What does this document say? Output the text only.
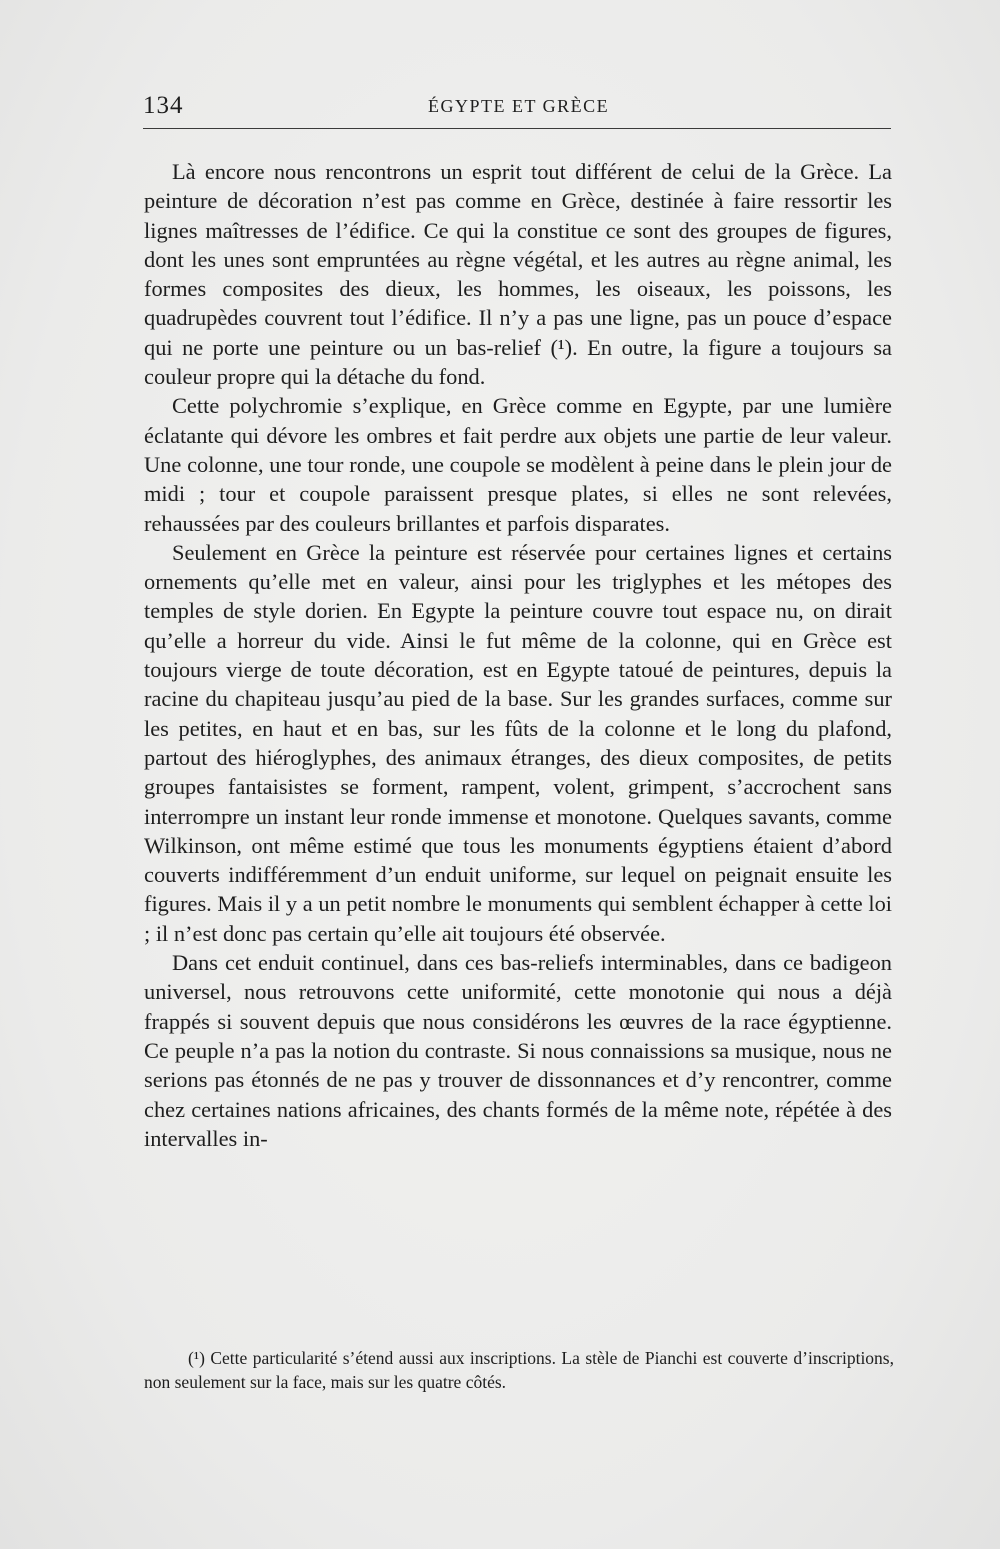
134	ÉGYPTE ET GRÈCE

Là encore nous rencontrons un esprit tout différent de celui de la Grèce. La peinture de décoration n’est pas comme en Grèce, destinée à faire ressortir les lignes maîtresses de l’édifice. Ce qui la constitue ce sont des groupes de figures, dont les unes sont empruntées au règne végétal, et les autres au règne animal, les formes composites des dieux, les hommes, les oiseaux, les poissons, les quadrupèdes couvrent tout l’édifice. Il n’y a pas une ligne, pas un pouce d’espace qui ne porte une peinture ou un bas-relief (¹). En outre, la figure a toujours sa couleur propre qui la détache du fond.

Cette polychromie s’explique, en Grèce comme en Egypte, par une lumière éclatante qui dévore les ombres et fait perdre aux objets une partie de leur valeur. Une colonne, une tour ronde, une coupole se modèlent à peine dans le plein jour de midi ; tour et coupole paraissent presque plates, si elles ne sont relevées, rehaussées par des couleurs brillantes et parfois disparates.

Seulement en Grèce la peinture est réservée pour certaines lignes et certains ornements qu’elle met en valeur, ainsi pour les triglyphes et les métopes des temples de style dorien. En Egypte la peinture couvre tout espace nu, on dirait qu’elle a horreur du vide. Ainsi le fut même de la colonne, qui en Grèce est toujours vierge de toute décoration, est en Egypte tatoué de peintures, depuis la racine du chapiteau jusqu’au pied de la base. Sur les grandes surfaces, comme sur les petites, en haut et en bas, sur les fûts de la colonne et le long du plafond, partout des hiéroglyphes, des animaux étranges, des dieux composites, de petits groupes fantaisistes se forment, rampent, volent, grimpent, s’accrochent sans interrompre un instant leur ronde immense et monotone. Quelques savants, comme Wilkinson, ont même estimé que tous les monuments égyptiens étaient d’abord couverts indifféremment d’un enduit uniforme, sur lequel on peignait ensuite les figures. Mais il y a un petit nombre le monuments qui semblent échapper à cette loi ; il n’est donc pas certain qu’elle ait toujours été observée.

Dans cet enduit continuel, dans ces bas-reliefs interminables, dans ce badigeon universel, nous retrouvons cette uniformité, cette monotonie qui nous a déjà frappés si souvent depuis que nous considérons les œuvres de la race égyptienne. Ce peuple n’a pas la notion du contraste. Si nous connaissions sa musique, nous ne serions pas étonnés de ne pas y trouver de dissonnances et d’y rencontrer, comme chez certaines nations africaines, des chants formés de la même note, répétée à des intervalles in-

(¹) Cette particularité s’étend aussi aux inscriptions. La stèle de Pianchi est couverte d’inscriptions, non seulement sur la face, mais sur les quatre côtés.
